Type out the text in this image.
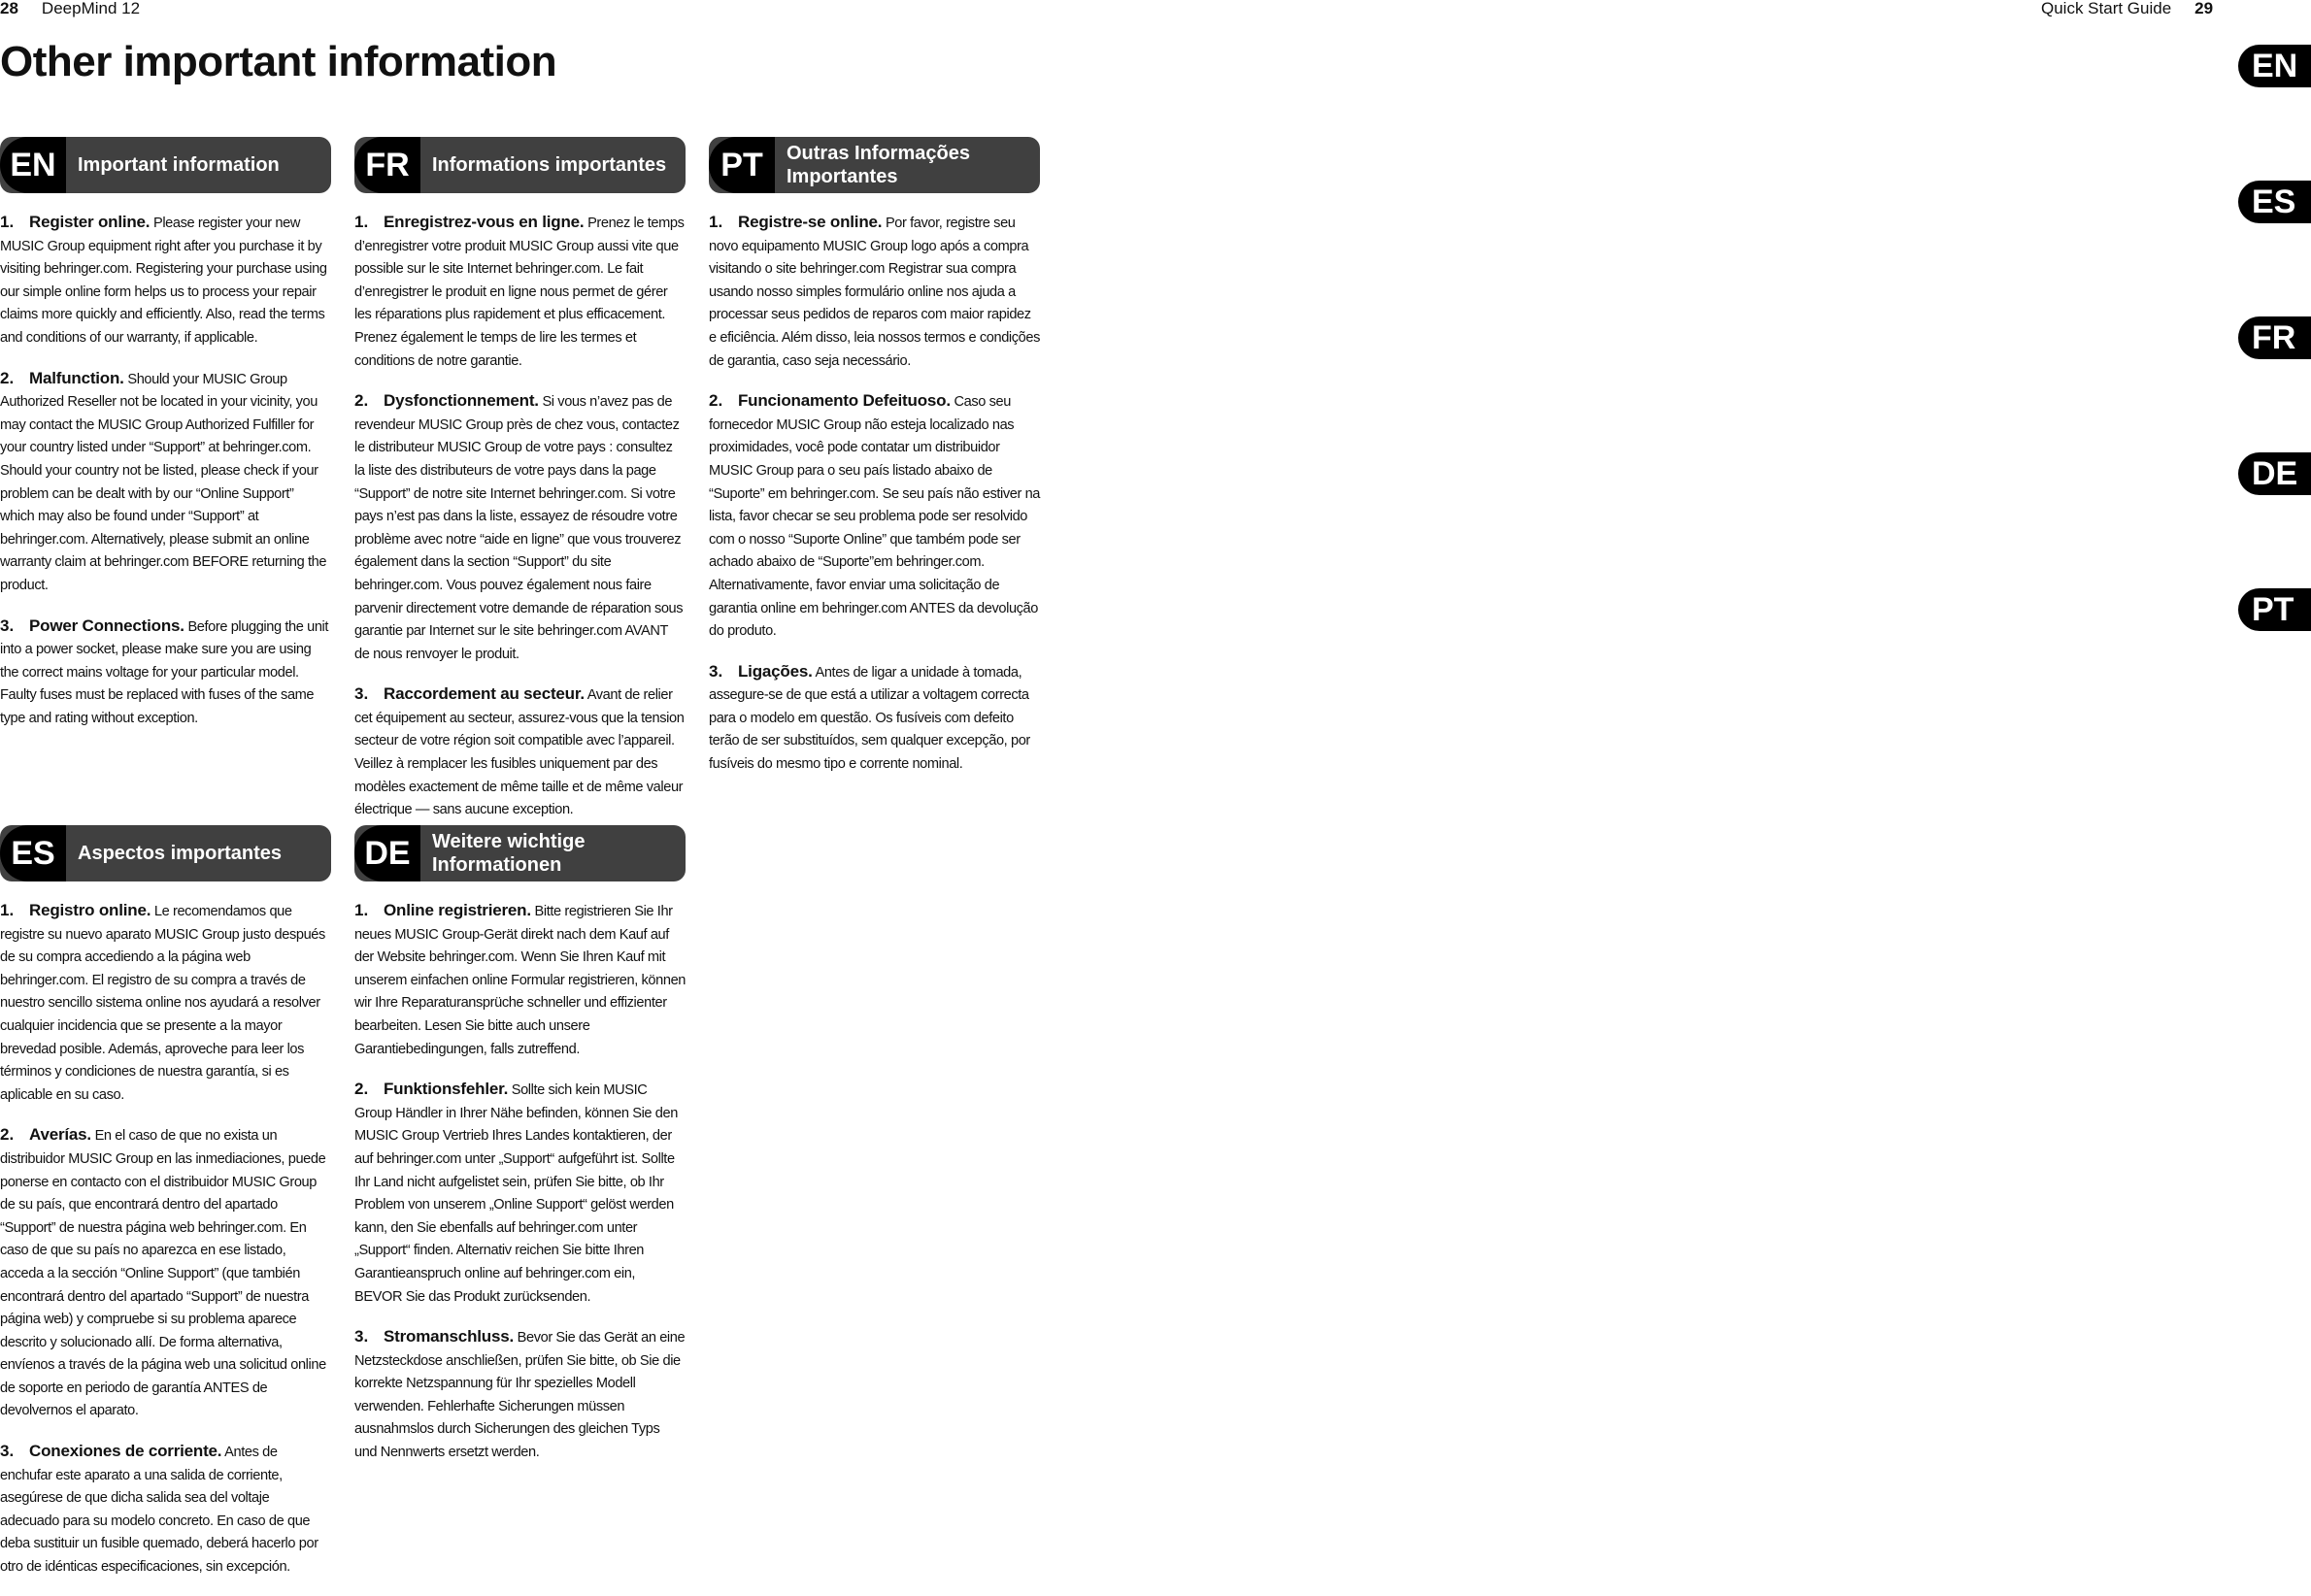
28 DeepMind 12	Quick Start Guide 29
Other important information	EN
ES
FR
DE
PT
EN	Important information

1. Register online. Please register your new MUSIC Group equipment right after you purchase it by visiting behringer.com. Registering your purchase using our simple online form helps us to process your repair claims more quickly and efficiently. Also, read the terms and conditions of our warranty, if applicable.

2. Malfunction. Should your MUSIC Group Authorized Reseller not be located in your vicinity, you may contact the MUSIC Group Authorized Fulfiller for your country listed under “Support” at behringer.com. Should your country not be listed, please check if your problem can be dealt with by our “Online Support” which may also be found under “Support” at behringer.com. Alternatively, please submit an online warranty claim at behringer.com BEFORE returning the product.

3. Power Connections. Before plugging the unit into a power socket, please make sure you are using the correct mains voltage for your particular model. Faulty fuses must be replaced with fuses of the same type and rating without exception.

FR	Informations importantes

1. Enregistrez-vous en ligne. Prenez le temps d’enregistrer votre produit MUSIC Group aussi vite que possible sur le site Internet behringer.com. Le fait d’enregistrer le produit en ligne nous permet de gérer les réparations plus rapidement et plus efficacement. Prenez également le temps de lire les termes et conditions de notre garantie.

2. Dysfonctionnement. Si vous n’avez pas de revendeur MUSIC Group près de chez vous, contactez le distributeur MUSIC Group de votre pays : consultez la liste des distributeurs de votre pays dans la page “Support” de notre site Internet behringer.com. Si votre pays n’est pas dans la liste, essayez de résoudre votre problème avec notre “aide en ligne” que vous trouverez également dans la section “Support” du site behringer.com. Vous pouvez également nous faire parvenir directement votre demande de réparation sous garantie par Internet sur le site behringer.com AVANT de nous renvoyer le produit.

3. Raccordement au secteur. Avant de relier cet équipement au secteur, assurez-vous que la tension secteur de votre région soit compatible avec l’appareil. Veillez à remplacer les fusibles uniquement par des modèles exactement de même taille et de même valeur électrique — sans aucune exception.

PT	Outras Informações Importantes

1. Registre-se online. Por favor, registre seu novo equipamento MUSIC Group logo após a compra visitando o site behringer.com Registrar sua compra usando nosso simples formulário online nos ajuda a processar seus pedidos de reparos com maior rapidez e eficiência. Além disso, leia nossos termos e condições de garantia, caso seja necessário.

2. Funcionamento Defeituoso. Caso seu fornecedor MUSIC Group não esteja localizado nas proximidades, você pode contatar um distribuidor MUSIC Group para o seu país listado abaixo de “Suporte” em behringer.com. Se seu país não estiver na lista, favor checar se seu problema pode ser resolvido com o nosso “Suporte Online” que também pode ser achado abaixo de “Suporte”em behringer.com. Alternativamente, favor enviar uma solicitação de garantia online em behringer.com ANTES da devolução do produto.

3. Ligações. Antes de ligar a unidade à tomada, assegure-se de que está a utilizar a voltagem correcta para o modelo em questão. Os fusíveis com defeito terão de ser substituídos, sem qualquer excepção, por fusíveis do mesmo tipo e corrente nominal.

ES	Aspectos importantes

1. Registro online. Le recomendamos que registre su nuevo aparato MUSIC Group justo después de su compra accediendo a la página web behringer.com. El registro de su compra a través de nuestro sencillo sistema online nos ayudará a resolver cualquier incidencia que se presente a la mayor brevedad posible. Además, aproveche para leer los términos y condiciones de nuestra garantía, si es aplicable en su caso.

2. Averías. En el caso de que no exista un distribuidor MUSIC Group en las inmediaciones, puede ponerse en contacto con el distribuidor MUSIC Group de su país, que encontrará dentro del apartado “Support” de nuestra página web behringer.com. En caso de que su país no aparezca en ese listado, acceda a la sección “Online Support” (que también encontrará dentro del apartado “Support” de nuestra página web) y compruebe si su problema aparece descrito y solucionado allí. De forma alternativa, envíenos a través de la página web una solicitud online de soporte en periodo de garantía ANTES de devolvernos el aparato.

3. Conexiones de corriente. Antes de enchufar este aparato a una salida de corriente, asegúrese de que dicha salida sea del voltaje adecuado para su modelo concreto. En caso de que deba sustituir un fusible quemado, deberá hacerlo por otro de idénticas especificaciones, sin excepción.

DE	Weitere wichtige Informationen

1. Online registrieren. Bitte registrieren Sie Ihr neues MUSIC Group-Gerät direkt nach dem Kauf auf der Website behringer.com. Wenn Sie Ihren Kauf mit unserem einfachen online Formular registrieren, können wir Ihre Reparaturansprüche schneller und effizienter bearbeiten. Lesen Sie bitte auch unsere Garantiebedingungen, falls zutreffend.

2. Funktionsfehler. Sollte sich kein MUSIC Group Händler in Ihrer Nähe befinden, können Sie den MUSIC Group Vertrieb Ihres Landes kontaktieren, der auf behringer.com unter „Support“ aufgeführt ist. Sollte Ihr Land nicht aufgelistet sein, prüfen Sie bitte, ob Ihr Problem von unserem „Online Support“ gelöst werden kann, den Sie ebenfalls auf behringer.com unter „Support“ finden. Alternativ reichen Sie bitte Ihren Garantieanspruch online auf behringer.com ein, BEVOR Sie das Produkt zurücksenden.

3. Stromanschluss. Bevor Sie das Gerät an eine Netzsteckdose anschließen, prüfen Sie bitte, ob Sie die korrekte Netzspannung für Ihr spezielles Modell verwenden. Fehlerhafte Sicherungen müssen ausnahmslos durch Sicherungen des gleichen Typs und Nennwerts ersetzt werden.
